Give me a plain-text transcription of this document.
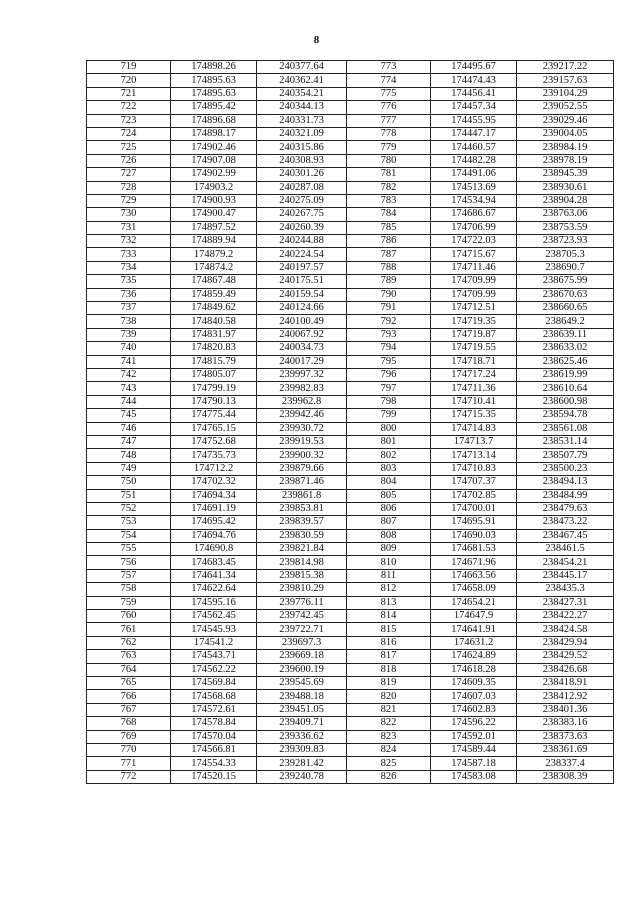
8
719	174898.26	240377.64	773	174495.67	239217.22
720	174895.63	240362.41	774	174474.43	239157.63
721	174895.63	240354.21	775	174456.41	239104.29
722	174895.42	240344.13	776	174457.34	239052.55
723	174896.68	240331.73	777	174455.95	239029.46
724	174898.17	240321.09	778	174447.17	239004.05
725	174902.46	240315.86	779	174460.57	238984.19
726	174907.08	240308.93	780	174482.28	238978.19
727	174902.99	240301.26	781	174491.06	238945.39
728	174903.2	240287.08	782	174513.69	238930.61
729	174900.93	240275.09	783	174534.94	238904.28
730	174900.47	240267.75	784	174686.67	238763.06
731	174897.52	240260.39	785	174706.99	238753.59
732	174889.94	240244.88	786	174722.03	238723.93
733	174879.2	240224.54	787	174715.67	238705.3
734	174874.2	240197.57	788	174711.46	238690.7
735	174867.48	240175.51	789	174709.99	238675.99
736	174859.49	240159.54	790	174709.99	238670.63
737	174849.62	240124.66	791	174712.51	238660.65
738	174840.58	240100.49	792	174719.35	238649.2
739	174831.97	240067.92	793	174719.87	238639.11
740	174820.83	240034.73	794	174719.55	238633.02
741	174815.79	240017.29	795	174718.71	238625.46
742	174805.07	239997.32	796	174717.24	238619.99
743	174799.19	239982.83	797	174711.36	238610.64
744	174790.13	239962.8	798	174710.41	238600.98
745	174775.44	239942.46	799	174715.35	238594.78
746	174765.15	239930.72	800	174714.83	238561.08
747	174752.68	239919.53	801	174713.7	238531.14
748	174735.73	239900.32	802	174713.14	238507.79
749	174712.2	239879.66	803	174710.83	238500.23
750	174702.32	239871.46	804	174707.37	238494.13
751	174694.34	239861.8	805	174702.85	238484.99
752	174691.19	239853.81	806	174700.01	238479.63
753	174695.42	239839.57	807	174695.91	238473.22
754	174694.76	239830.59	808	174690.03	238467.45
755	174690.8	239821.84	809	174681.53	238461.5
756	174683.45	239814.98	810	174671.96	238454.21
757	174641.34	239815.38	811	174663.56	238445.17
758	174622.64	239810.29	812	174658.09	238435.3
759	174595.16	239776.11	813	174654.21	238427.31
760	174562.45	239742.45	814	174647.9	238422.27
761	174545.93	239722.71	815	174641.91	238424.58
762	174541.2	239697.3	816	174631.2	238429.94
763	174543.71	239669.18	817	174624.89	238429.52
764	174562.22	239600.19	818	174618.28	238426.68
765	174569.84	239545.69	819	174609.35	238418.91
766	174568.68	239488.18	820	174607.03	238412.92
767	174572.61	239451.05	821	174602.83	238401.36
768	174578.84	239409.71	822	174596.22	238383.16
769	174570.04	239336.62	823	174592.01	238373.63
770	174566.81	239309.83	824	174589.44	238361.69
771	174554.33	239281.42	825	174587.18	238337.4
772	174520.15	239240.78	826	174583.08	238308.39
